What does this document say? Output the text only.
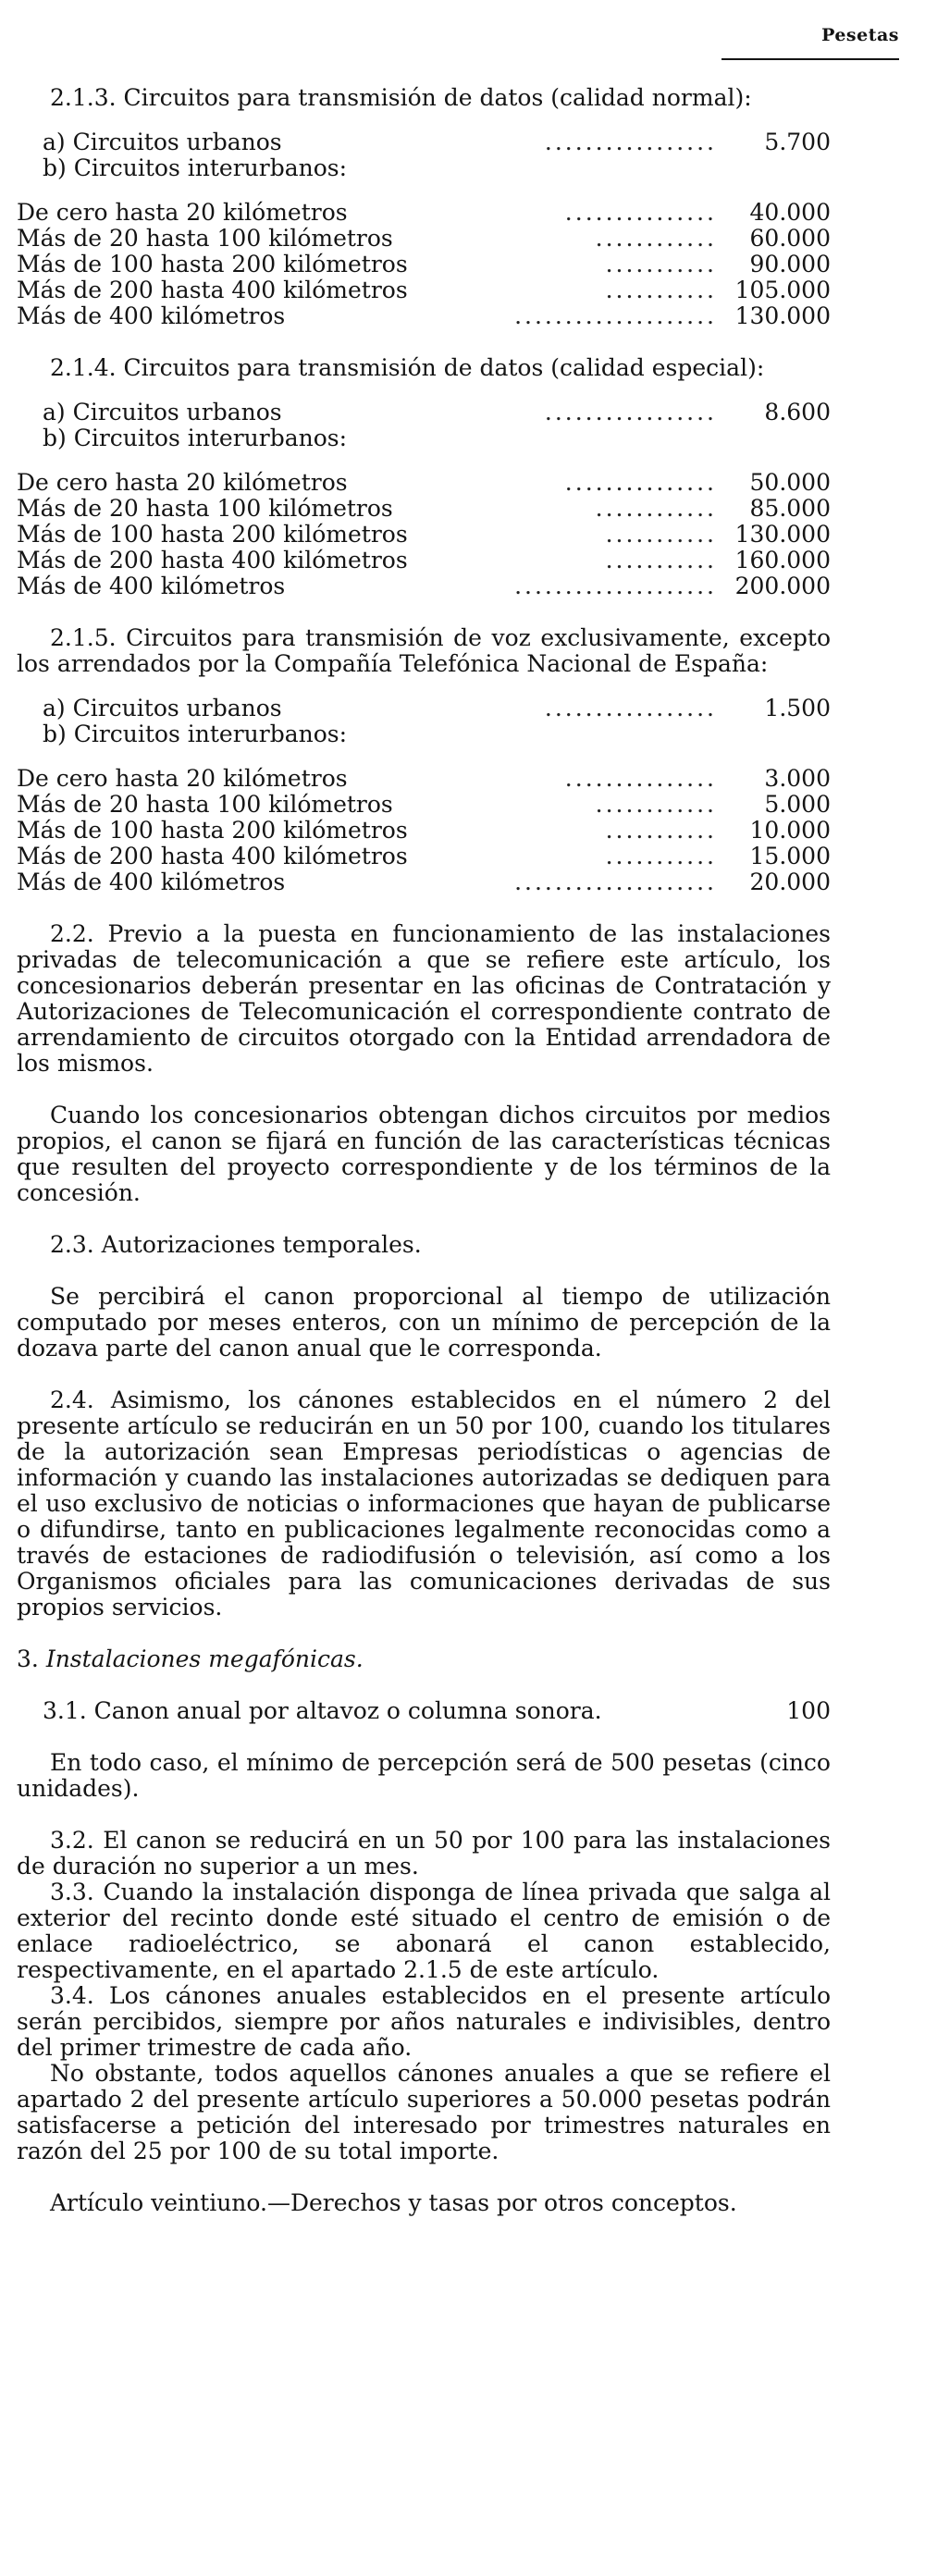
Pesetas

2.1.3. Circuitos para transmisión de datos (calidad normal):

a) Circuitos urbanos	.................	5.700
b) Circuitos interurbanos:
De cero hasta 20 kilómetros	...............	40.000
Más de 20 hasta 100 kilómetros	............	60.000
Más de 100 hasta 200 kilómetros	...........	90.000
Más de 200 hasta 400 kilómetros	........... 105.000
Más de 400 kilómetros	.................... 130.000

2.1.4. Circuitos para transmisión de datos (calidad especial):

a) Circuitos urbanos	.................	8.600
b) Circuitos interurbanos:
De cero hasta 20 kilómetros	...............	50.000
Más de 20 hasta 100 kilómetros	............	85.000
Más de 100 hasta 200 kilómetros	........... 130.000
Más de 200 hasta 400 kilómetros	........... 160.000
Más de 400 kilómetros	.................... 200.000

2.1.5. Circuitos para transmisión de voz exclusivamente, excepto los arrendados por la Compañía Telefónica Nacional de España:

a) Circuitos urbanos	.................	1.500
b) Circuitos interurbanos:
De cero hasta 20 kilómetros	...............	3.000
Más de 20 hasta 100 kilómetros	............	5.000
Más de 100 hasta 200 kilómetros	...........	10.000
Más de 200 hasta 400 kilómetros	...........	15.000
Más de 400 kilómetros	....................	20.000

2.2. Previo a la puesta en funcionamiento de las instalaciones privadas de telecomunicación a que se refiere este artículo, los concesionarios deberán presentar en las oficinas de Contratación y Autorizaciones de Telecomunicación el correspondiente contrato de arrendamiento de circuitos otorgado con la Entidad arrendadora de los mismos.

Cuando los concesionarios obtengan dichos circuitos por medios propios, el canon se fijará en función de las características técnicas que resulten del proyecto correspondiente y de los términos de la concesión.

2.3. Autorizaciones temporales.

Se percibirá el canon proporcional al tiempo de utilización computado por meses enteros, con un mínimo de percepción de la dozava parte del canon anual que le corresponda.

2.4. Asimismo, los cánones establecidos en el número 2 del presente artículo se reducirán en un 50 por 100, cuando los titulares de la autorización sean Empresas periodísticas o agencias de información y cuando las instalaciones autorizadas se dediquen para el uso exclusivo de noticias o informaciones que hayan de publicarse o difundirse, tanto en publicaciones legalmente reconocidas como a través de estaciones de radiodifusión o televisión, así como a los Organismos oficiales para las comunicaciones derivadas de sus propios servicios.

3. Instalaciones megafónicas.

3.1. Canon anual por altavoz o columna sonora.	100

En todo caso, el mínimo de percepción será de 500 pesetas (cinco unidades).

3.2. El canon se reducirá en un 50 por 100 para las instalaciones de duración no superior a un mes.

3.3. Cuando la instalación disponga de línea privada que salga al exterior del recinto donde esté situado el centro de emisión o de enlace radioeléctrico, se abonará el canon establecido, respectivamente, en el apartado 2.1.5 de este artículo.

3.4. Los cánones anuales establecidos en el presente artículo serán percibidos, siempre por años naturales e indivisibles, dentro del primer trimestre de cada año.

No obstante, todos aquellos cánones anuales a que se refiere el apartado 2 del presente artículo superiores a 50.000 pesetas podrán satisfacerse a petición del interesado por trimestres naturales en razón del 25 por 100 de su total importe.

Artículo veintiuno.—Derechos y tasas por otros conceptos.
